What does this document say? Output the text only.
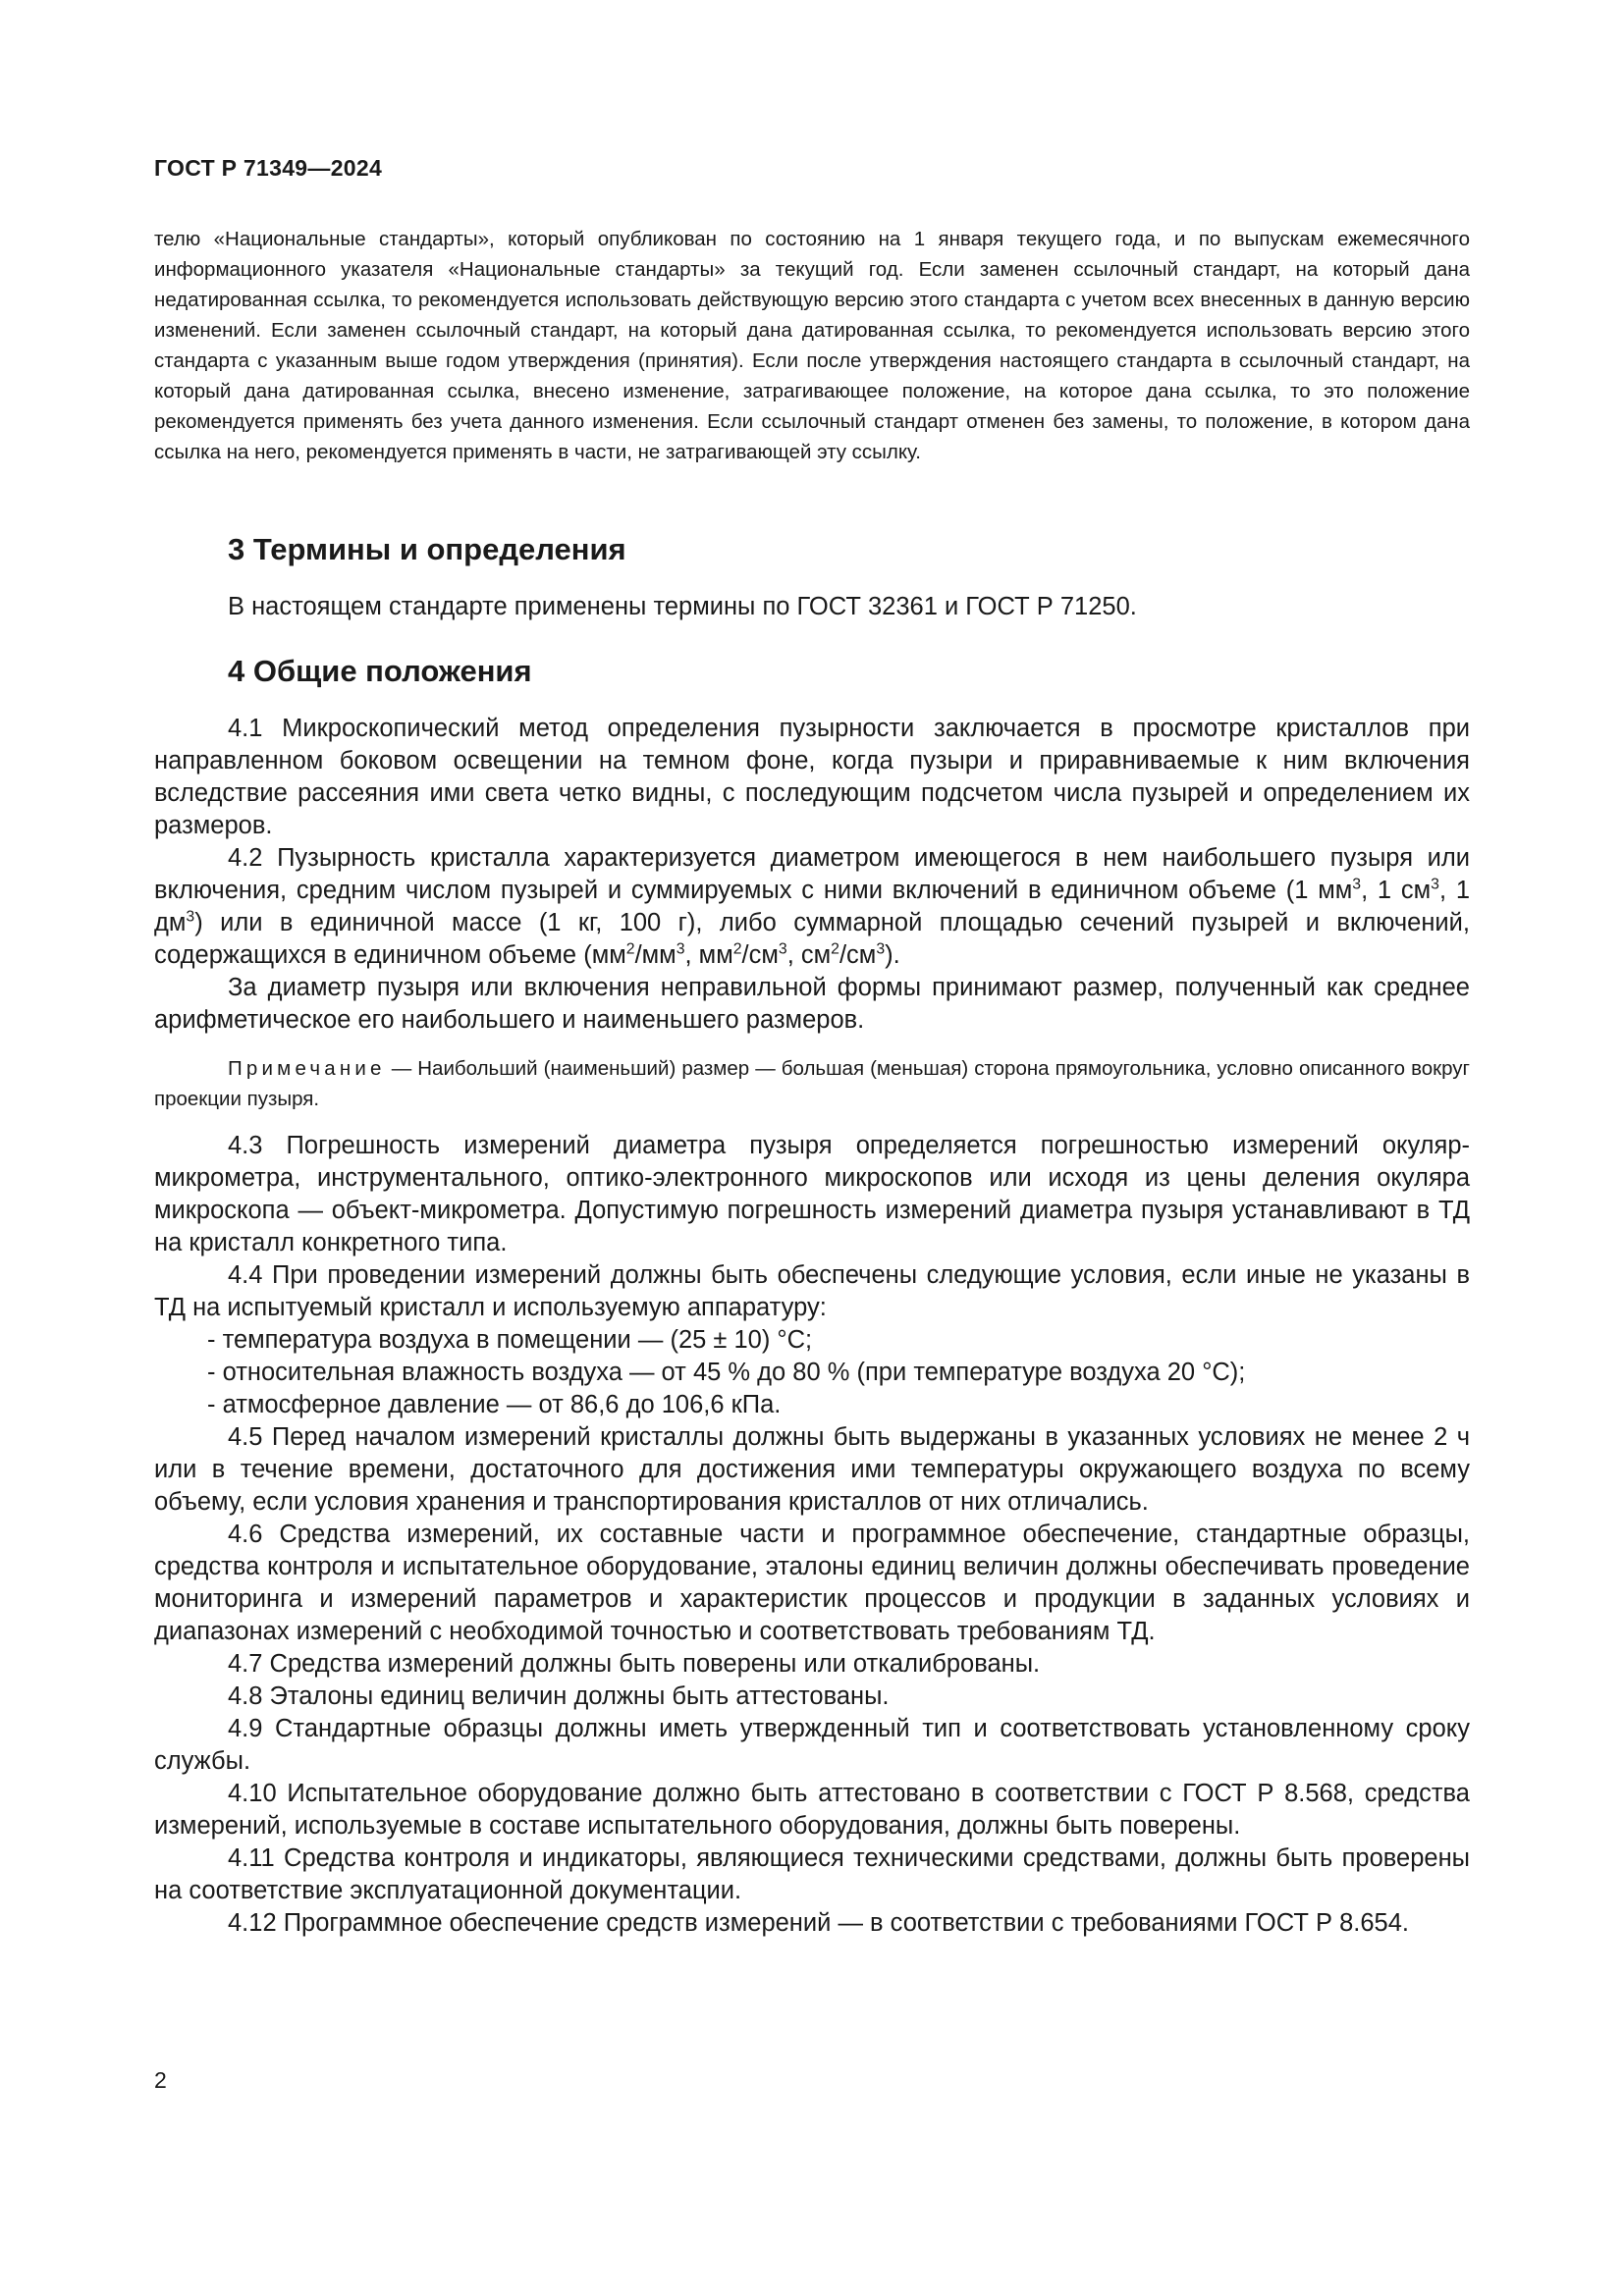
ГОСТ Р 71349—2024

телю «Национальные стандарты», который опубликован по состоянию на 1 января текущего года, и по выпускам ежемесячного информационного указателя «Национальные стандарты» за текущий год. Если заменен ссылочный стандарт, на который дана недатированная ссылка, то рекомендуется использовать действующую версию этого стандарта с учетом всех внесенных в данную версию изменений. Если заменен ссылочный стандарт, на который дана датированная ссылка, то рекомендуется использовать версию этого стандарта с указанным выше годом утверждения (принятия). Если после утверждения настоящего стандарта в ссылочный стандарт, на который дана датированная ссылка, внесено изменение, затрагивающее положение, на которое дана ссылка, то это положение рекомендуется применять без учета данного изменения. Если ссылочный стандарт отменен без замены, то положение, в котором дана ссылка на него, рекомендуется применять в части, не затрагивающей эту ссылку.

3 Термины и определения

В настоящем стандарте применены термины по ГОСТ 32361 и ГОСТ Р 71250.

4 Общие положения

4.1 Микроскопический метод определения пузырности заключается в просмотре кристаллов при направленном боковом освещении на темном фоне, когда пузыри и приравниваемые к ним включения вследствие рассеяния ими света четко видны, с последующим подсчетом числа пузырей и определением их размеров.

4.2 Пузырность кристалла характеризуется диаметром имеющегося в нем наибольшего пузыря или включения, средним числом пузырей и суммируемых с ними включений в единичном объеме (1 $мм^3$, 1 $см^3$, 1 $дм^3$) или в единичной массе (1 кг, 100 г), либо суммарной площадью сечений пузырей и включений, содержащихся в единичном объеме ($мм^2/мм^3$, $мм^2/см^3$, $см^2/см^3$).

За диаметр пузыря или включения неправильной формы принимают размер, полученный как среднее арифметическое его наибольшего и наименьшего размеров.

Примечание — Наибольший (наименьший) размер — большая (меньшая) сторона прямоугольника, условно описанного вокруг проекции пузыря.

4.3 Погрешность измерений диаметра пузыря определяется погрешностью измерений окуляр-микрометра, инструментального, оптико-электронного микроскопов или исходя из цены деления окуляра микроскопа — объект-микрометра. Допустимую погрешность измерений диаметра пузыря устанавливают в ТД на кристалл конкретного типа.

4.4 При проведении измерений должны быть обеспечены следующие условия, если иные не указаны в ТД на испытуемый кристалл и используемую аппаратуру:

- температура воздуха в помещении — (25 ± 10) °С;

- относительная влажность воздуха — от 45 % до 80 % (при температуре воздуха 20 °С);

- атмосферное давление — от 86,6 до 106,6 кПа.

4.5 Перед началом измерений кристаллы должны быть выдержаны в указанных условиях не менее 2 ч или в течение времени, достаточного для достижения ими температуры окружающего воздуха по всему объему, если условия хранения и транспортирования кристаллов от них отличались.

4.6 Средства измерений, их составные части и программное обеспечение, стандартные образцы, средства контроля и испытательное оборудование, эталоны единиц величин должны обеспечивать проведение мониторинга и измерений параметров и характеристик процессов и продукции в заданных условиях и диапазонах измерений с необходимой точностью и соответствовать требованиям ТД.

4.7 Средства измерений должны быть поверены или откалиброваны.

4.8 Эталоны единиц величин должны быть аттестованы.

4.9 Стандартные образцы должны иметь утвержденный тип и соответствовать установленному сроку службы.

4.10 Испытательное оборудование должно быть аттестовано в соответствии с ГОСТ Р 8.568, средства измерений, используемые в составе испытательного оборудования, должны быть поверены.

4.11 Средства контроля и индикаторы, являющиеся техническими средствами, должны быть проверены на соответствие эксплуатационной документации.

4.12 Программное обеспечение средств измерений — в соответствии с требованиями ГОСТ Р 8.654.

2
